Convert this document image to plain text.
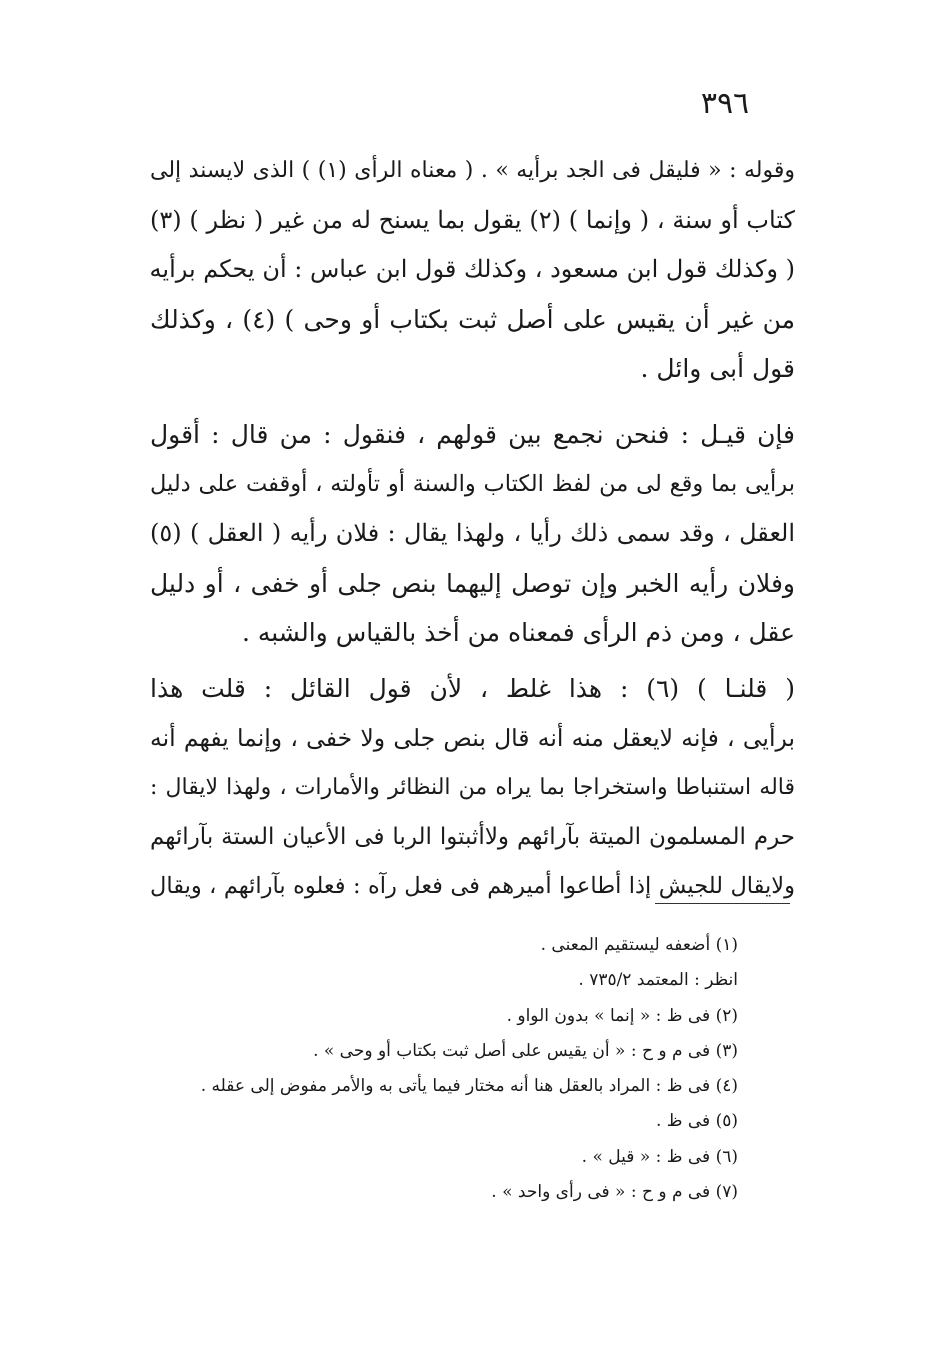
٣٩٦
وقوله : « فليقل فى الجد برأيه » . ( معناه الرأى (١) ) الذى لايسند إلى
كتاب أو سنة ، ( وإنما ) (٢) يقول بما يسنح له من غير ( نظر ) (٣)
( وكذلك قول ابن مسعود ، وكذلك قول ابن عباس : أن يحكم برأيه
من غير أن يقيس على أصل ثبت بكتاب أو وحى ) (٤) ، وكذلك
قول أبى وائل .
فإن قيـل : فنحن نجمع بين قولهم ، فنقول : من قال : أقول
برأيى بما وقع لى من لفظ الكتاب والسنة أو تأولته ، أوقفت على دليل
العقل ، وقد سمى ذلك رأيا ، ولهذا يقال : فلان رأيه ( العقل ) (٥)
وفلان رأيه الخبر وإن توصل إليهما بنص جلى أو خفى ، أو دليل
عقل ، ومن ذم الرأى فمعناه من أخذ بالقياس والشبه .
( قلنـا ) (٦) : هذا غلط ، لأن قول القائل : قلت هذا
برأيى ، فإنه لايعقل منه أنه قال بنص جلى ولا خفى ، وإنما يفهم أنه
قاله استنباطا واستخراجا بما يراه من النظائر والأمارات ، ولهذا لايقال :
حرم المسلمون الميتة بآرائهم ولاأثبتوا الربا فى الأعيان الستة بآرائهم
ولايقال للجيش إذا أطاعوا أميرهم فى فعل رآه : فعلوه بآرائهم ، ويقال
(١) أضعفه ليستقيم المعنى .
انظر : المعتمد ٧٣٥/٢ .
(٢) فى ظ : « إنما » بدون الواو .
(٣) فى م و ح : « أن يقيس على أصل ثبت بكتاب أو وحى » .
(٤) فى ظ : المراد بالعقل هنا أنه مختار فيما يأتى به والأمر مفوض إلى عقله .
(٥) فى ظ .
(٦) فى ظ : « قيل » .
(٧) فى م و ح : « فى رأى واحد » .
